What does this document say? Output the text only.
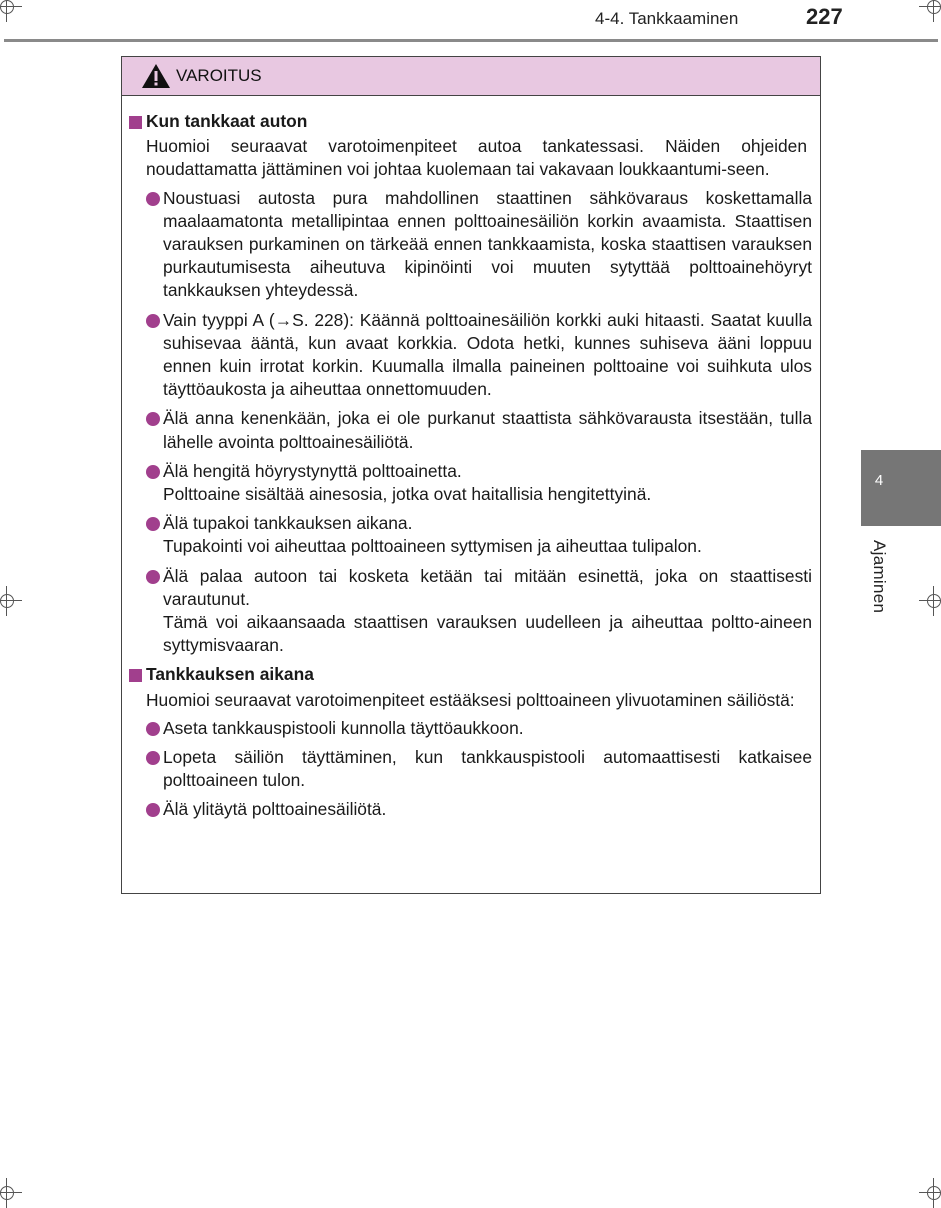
4-4. Tankkaaminen	227
4
Ajaminen
VAROITUS
Kun tankkaat auton
Huomioi seuraavat varotoimenpiteet autoa tankatessasi. Näiden ohjeiden noudattamatta jättäminen voi johtaa kuolemaan tai vakavaan loukkaantumi-seen.

Noustuasi autosta pura mahdollinen staattinen sähkövaraus koskettamalla maalaamatonta metallipintaa ennen polttoainesäiliön korkin avaamista. Staattisen varauksen purkaminen on tärkeää ennen tankkaamista, koska staattisen varauksen purkautumisesta aiheutuva kipinöinti voi muuten sytyttää polttoainehöyryt tankkauksen yhteydessä.

Vain tyyppi A (→S. 228): Käännä polttoainesäiliön korkki auki hitaasti. Saatat kuulla suhisevaa ääntä, kun avaat korkkia. Odota hetki, kunnes suhiseva ääni loppuu ennen kuin irrotat korkin. Kuumalla ilmalla paineinen polttoaine voi suihkuta ulos täyttöaukosta ja aiheuttaa onnettomuuden.

Älä anna kenenkään, joka ei ole purkanut staattista sähkövarausta itsestään, tulla lähelle avointa polttoainesäiliötä.

Älä hengitä höyrystynyttä polttoainetta.

Polttoaine sisältää ainesosia, jotka ovat haitallisia hengitettyinä.

Älä tupakoi tankkauksen aikana.

Tupakointi voi aiheuttaa polttoaineen syttymisen ja aiheuttaa tulipalon.

Älä palaa autoon tai kosketa ketään tai mitään esinettä, joka on staattisesti varautunut.

Tämä voi aikaansaada staattisen varauksen uudelleen ja aiheuttaa poltto-aineen syttymisvaaran.

Tankkauksen aikana
Huomioi seuraavat varotoimenpiteet estääksesi polttoaineen ylivuotaminen säiliöstä:

Aseta tankkauspistooli kunnolla täyttöaukkoon.

Lopeta säiliön täyttäminen, kun tankkauspistooli automaattisesti katkaisee polttoaineen tulon.

Älä ylitäytä polttoainesäiliötä.
